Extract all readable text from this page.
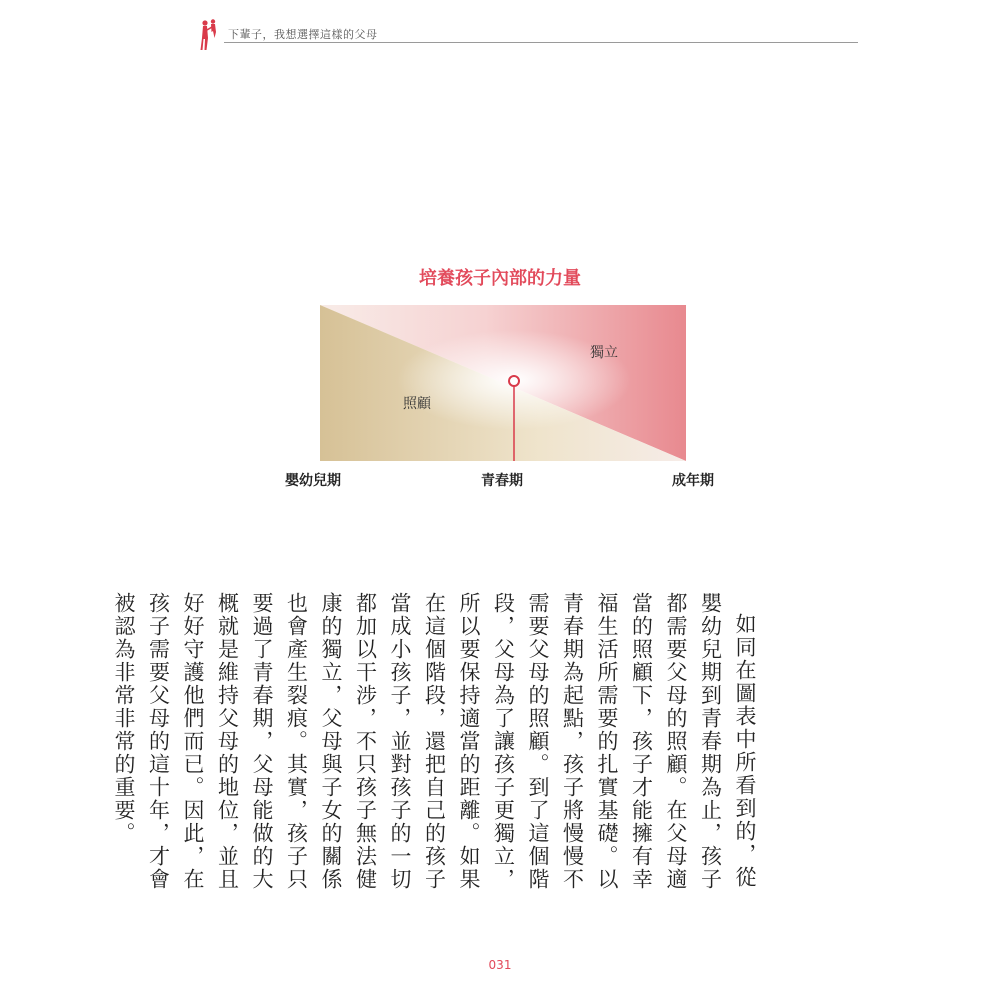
下輩子，我想選擇這樣的父母
培養孩子內部的力量
獨立
照顧
嬰幼兒期	青春期	成年期

如同在圖表中所看到的，從嬰幼兒期到青春期為止，孩子都需要父母的照顧。在父母適當的照顧下，孩子才能擁有幸福生活所需要的扎實基礎。以青春期為起點，孩子將慢慢不需要父母的照顧。到了這個階段，父母為了讓孩子更獨立，所以要保持適當的距離。如果在這個階段，還把自己的孩子當成小孩子，並對孩子的一切都加以干涉，不只孩子無法健康的獨立，父母與子女的關係也會產生裂痕。其實，孩子只要過了青春期，父母能做的大概就是維持父母的地位，並且好好守護他們而已。因此，在孩子需要父母的這十年，才會被認為非常非常的重要。

031
